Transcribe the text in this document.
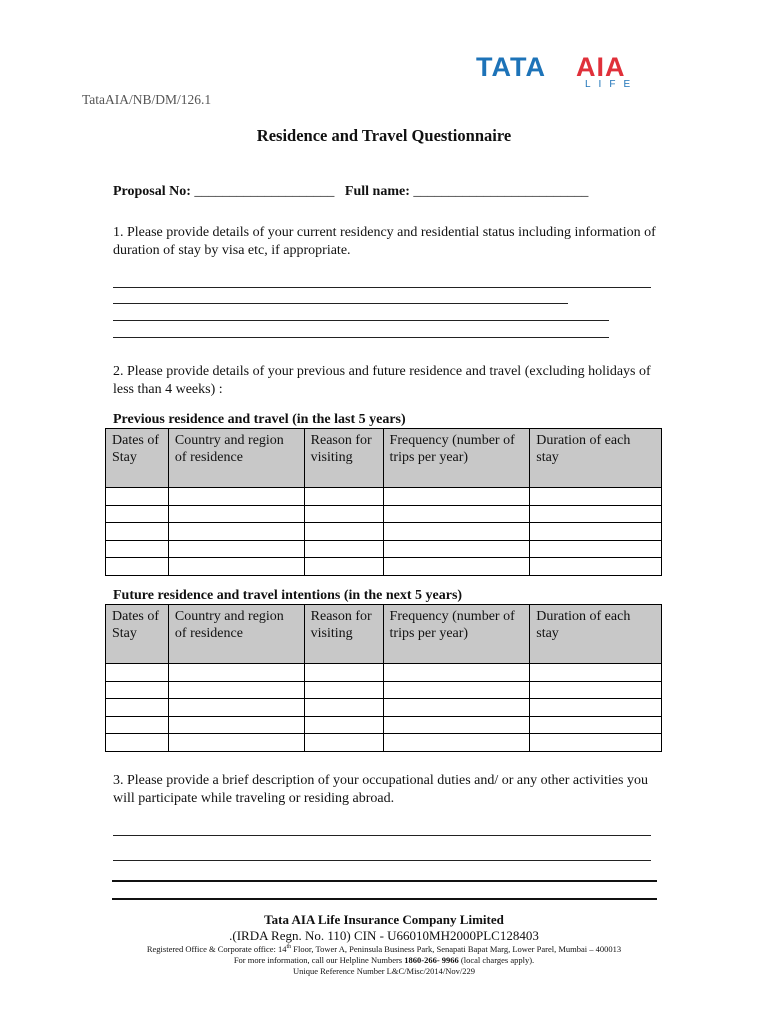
TATA AIA
LIFE
TataAIA/NB/DM/126.1
Residence and Travel Questionnaire
Proposal No: ____________________ Full name: _________________________
1. Please provide details of your current residency and residential status including information of duration of stay by visa etc, if appropriate.
2. Please provide details of your previous and future residence and travel (excluding holidays of less than 4 weeks) :
Previous residence and travel (in the last 5 years)
Dates of Stay	Country and region of residence	Reason for visiting	Frequency (number of trips per year)	Duration of each stay

Future residence and travel intentions (in the next 5 years)
Dates of Stay	Country and region of residence	Reason for visiting	Frequency (number of trips per year)	Duration of each stay

3. Please provide a brief description of your occupational duties and/ or any other activities you will participate while traveling or residing abroad.
Tata AIA Life Insurance Company Limited
.(IRDA Regn. No. 110) CIN - U66010MH2000PLC128403
Registered Office & Corporate office: 14th Floor, Tower A, Peninsula Business Park, Senapati Bapat Marg, Lower Parel, Mumbai – 400013
For more information, call our Helpline Numbers 1860-266- 9966 (local charges apply).
Unique Reference Number L&C/Misc/2014/Nov/229
